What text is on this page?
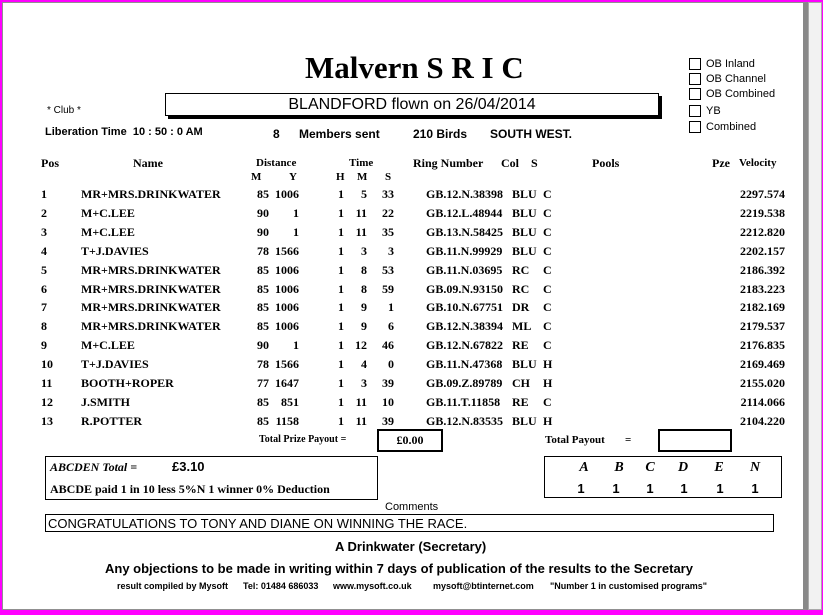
Malvern S R I C
* Club *	BLANDFORD flown on 26/04/2014
OB Inland
OB Channel
OB Combined
YB
Combined
Liberation Time 10 : 50 : 0 AM	8 Members sent	210 Birds SOUTH WEST.
Pos	Name	Distance
M	Y
Time
H M S
Ring Number Col S	Pools	Pze Velocity
1	MR+MRS.DRINKWATER	85 1006	1 5 33	GB.12.N.38398 BLU C	2297.574
2	M+C.LEE	90 1	1 11 22	GB.12.L.48944 BLU C	2219.538
3	M+C.LEE	90 1	1 11 35	GB.13.N.58425 BLU C	2212.820
4	T+J.DAVIES	78 1566	1 3 3	GB.11.N.99929 BLU C	2202.157
5	MR+MRS.DRINKWATER	85 1006	1 8 53	GB.11.N.03695 RC C	2186.392
6	MR+MRS.DRINKWATER	85 1006	1 8 59	GB.09.N.93150 RC C	2183.223
7	MR+MRS.DRINKWATER	85 1006	1 9 1	GB.10.N.67751 DR C	2182.169
8	MR+MRS.DRINKWATER	85 1006	1 9 6	GB.12.N.38394 ML C	2179.537
9	M+C.LEE	90 1	1 12 46	GB.12.N.67822 RE C	2176.835
10 T+J.DAVIES	78 1566	1 4 0	GB.11.N.47368 BLU H	2169.469
11 BOOTH+ROPER	77 1647	1 3 39	GB.09.Z.89789 CH H	2155.020
12 J.SMITH	85 851	1 11 10	GB.11.T.11858 RE C	2114.066
13 R.POTTER	85 1158	1 11 39	GB.12.N.83535 BLU H	2104.220
Total Prize Payout =	£0.00	Total Payout =
ABCDEN Total =	£3.10
ABCDE paid 1 in 10 less 5%N 1 winner 0% Deduction
A	B	C	D	E	N
1	1	1	1	1	1
Comments
CONGRATULATIONS TO TONY AND DIANE ON WINNING THE RACE.
A Drinkwater (Secretary)
Any objections to be made in writing within 7 days of publication of the results to the Secretary
result compiled by Mysoft Tel: 01484 686033 www.mysoft.co.uk mysoft@btinternet.com "Number 1 in customised programs"
